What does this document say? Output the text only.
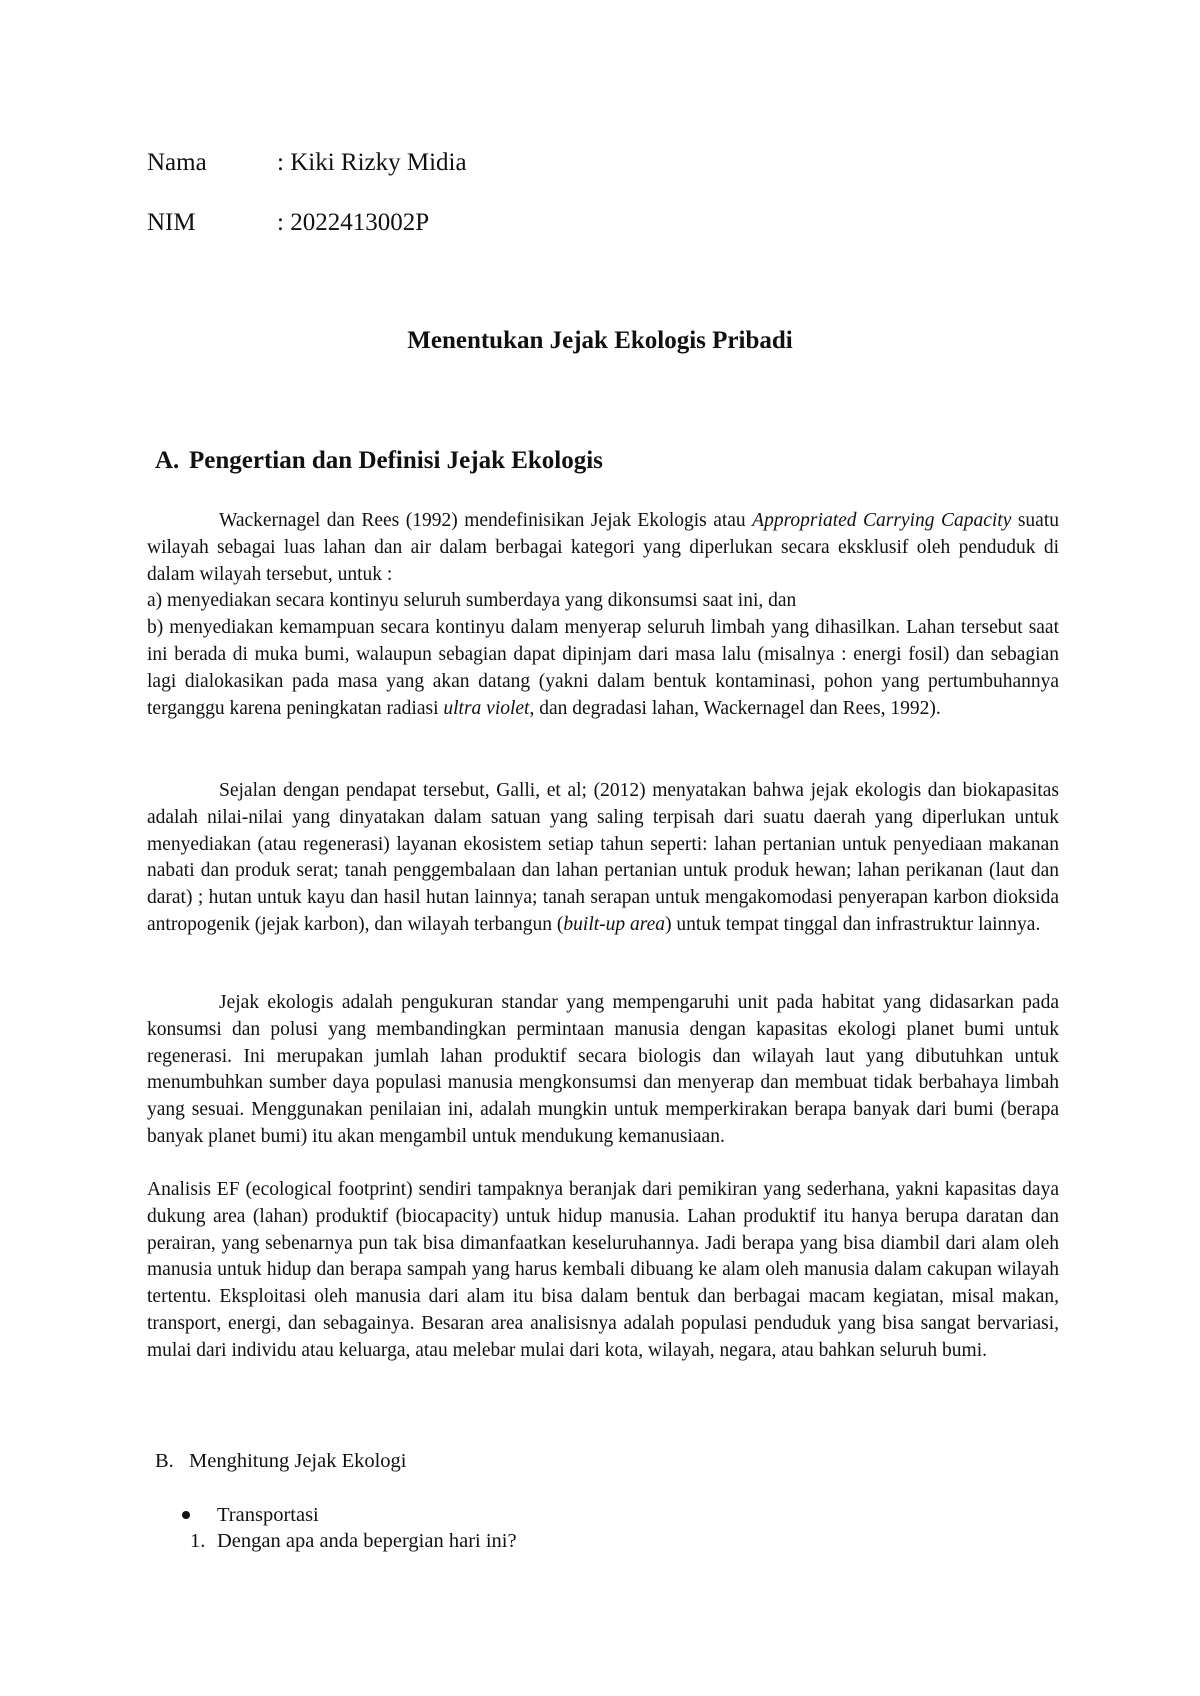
Nama	: Kiki Rizky Midia
NIM	: 2022413002P
Menentukan Jejak Ekologis Pribadi
A. Pengertian dan Definisi Jejak Ekologis

Wackernagel dan Rees (1992) mendefinisikan Jejak Ekologis atau Appropriated Carrying Capacity suatu wilayah sebagai luas lahan dan air dalam berbagai kategori yang diperlukan secara eksklusif oleh penduduk di dalam wilayah tersebut, untuk :
a) menyediakan secara kontinyu seluruh sumberdaya yang dikonsumsi saat ini, dan
b) menyediakan kemampuan secara kontinyu dalam menyerap seluruh limbah yang dihasilkan. Lahan tersebut saat ini berada di muka bumi, walaupun sebagian dapat dipinjam dari masa lalu (misalnya : energi fosil) dan sebagian lagi dialokasikan pada masa yang akan datang (yakni dalam bentuk kontaminasi, pohon yang pertumbuhannya terganggu karena peningkatan radiasi ultra violet, dan degradasi lahan, Wackernagel dan Rees, 1992).

Sejalan dengan pendapat tersebut, Galli, et al; (2012) menyatakan bahwa jejak ekologis dan biokapasitas adalah nilai-nilai yang dinyatakan dalam satuan yang saling terpisah dari suatu daerah yang diperlukan untuk menyediakan (atau regenerasi) layanan ekosistem setiap tahun seperti: lahan pertanian untuk penyediaan makanan nabati dan produk serat; tanah penggembalaan dan lahan pertanian untuk produk hewan; lahan perikanan (laut dan darat) ; hutan untuk kayu dan hasil hutan lainnya; tanah serapan untuk mengakomodasi penyerapan karbon dioksida antropogenik (jejak karbon), dan wilayah terbangun (built-up area) untuk tempat tinggal dan infrastruktur lainnya.

Jejak ekologis adalah pengukuran standar yang mempengaruhi unit pada habitat yang didasarkan pada konsumsi dan polusi yang membandingkan permintaan manusia dengan kapasitas ekologi planet bumi untuk regenerasi. Ini merupakan jumlah lahan produktif secara biologis dan wilayah laut yang dibutuhkan untuk menumbuhkan sumber daya populasi manusia mengkonsumsi dan menyerap dan membuat tidak berbahaya limbah yang sesuai. Menggunakan penilaian ini, adalah mungkin untuk memperkirakan berapa banyak dari bumi (berapa banyak planet bumi) itu akan mengambil untuk mendukung kemanusiaan.

Analisis EF (ecological footprint) sendiri tampaknya beranjak dari pemikiran yang sederhana, yakni kapasitas daya dukung area (lahan) produktif (biocapacity) untuk hidup manusia. Lahan produktif itu hanya berupa daratan dan perairan, yang sebenarnya pun tak bisa dimanfaatkan keseluruhannya. Jadi berapa yang bisa diambil dari alam oleh manusia untuk hidup dan berapa sampah yang harus kembali dibuang ke alam oleh manusia dalam cakupan wilayah tertentu. Eksploitasi oleh manusia dari alam itu bisa dalam bentuk dan berbagai macam kegiatan, misal makan, transport, energi, dan sebagainya. Besaran area analisisnya adalah populasi penduduk yang bisa sangat bervariasi, mulai dari individu atau keluarga, atau melebar mulai dari kota, wilayah, negara, atau bahkan seluruh bumi.

B. Menghitung Jejak Ekologi
Transportasi
1. Dengan apa anda bepergian hari ini?
